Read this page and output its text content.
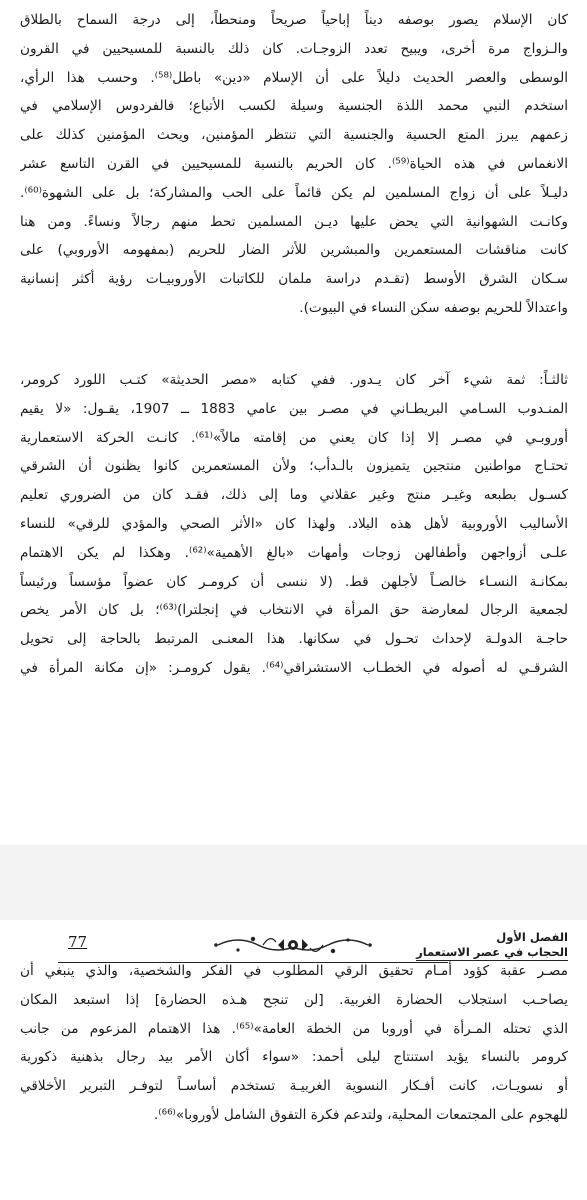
كان الإسلام يصور بوصفه ديناً إباحياً صريحاً ومنحطاً، إلى درجة السماح بالطلاق
والـزواج مرة أخرى، ويبيح تعدد الزوجـات. كان ذلك بالنسبة للمسيحيين في القرون
الوسطى والعصر الحديث دليلاً على أن الإسلام «دين» باطل⁽⁵⁸⁾. وحسب هذا الرأي،
استخدم النبي محمد اللذة الجنسية وسيلة لكسب الأتباع؛ فالفردوس الإسلامي في
زعمهم يبرز المتع الحسية والجنسية التي تنتظر المؤمنين، ويحث المؤمنين كذلك على
الانغماس في هذه الحياة⁽⁵⁹⁾. كان الحريم بالنسبة للمسيحيين في القرن التاسع عشر
دليـلاً على أن زواج المسلمين لم يكن قائماً على الحب والمشاركة؛ بل على الشهوة⁽⁶⁰⁾.
وكانـت الشهوانية التي يحض عليها ديـن المسلمين تحط منهم رجالاً ونساءً. ومن هنا
كانت مناقشات المستعمرين والمبشرين للأثر الضار للحريم (بمفهومه الأوروبي) على
سـكان الشرق الأوسط (تقـدم دراسة ملمان للكاتبات الأوروبيـات رؤية أكثر إنسانية
واعتدالاً للحريم بوصفه سكن النساء في البيوت).
ثالثـاً: ثمة شيء آخر كان يـدور. ففي كتابه «مصر الحديثة» كتـب اللورد كرومر،
المنـدوب السـامي البريطـاني في مصـر بين عامي 1883 ــ 1907، يقـول: «لا يقيم
أوروبـي في مصـر إلا إذا كان يعني من إقامته مالاً»⁽⁶¹⁾. كانـت الحركة الاستعمارية
تحتـاج مواطنين منتجين يتميزون بالـدأب؛ ولأن المستعمرين كانوا يظنون أن الشرقي
كسـول بطبعه وغيـر منتج وغير عقلاني وما إلى ذلك، فقـد كان من الضروري تعليم
الأساليب الأوروبية لأهل هذه البلاد. ولهذا كان «الأثر الصحي والمؤدي للرقي» للنساء
علـى أزواجهن وأطفالهن زوجات وأمهات «بالغ الأهمية»⁽⁶²⁾. وهكذا لم يكن الاهتمام
بمكانـة النسـاء خالصـاً لأجلهن قط. (لا ننسى أن كرومـر كان عضواً مؤسساً ورئيساً
لجمعية الرجال لمعارضة حق المرأة في الانتخاب في إنجلترا)⁽⁶³⁾؛ بل كان الأمر يخص
حاجـة الدولـة لإحداث تحـول في سكانها. هذا المعنـى المرتبط بالحاجة إلى تحويل
الشرقـي له أصوله في الخطـاب الاستشراقي⁽⁶⁴⁾. يقول كرومـر: «إن مكانة المرأة في
77	الفصل الأول
الحجاب في عصر الاستعمار
مصـر عقبة كؤود أمـام تحقيق الرقي المطلوب في الفكر والشخصية، والذي ينبغي أن
يصاحـب استجلاب الحضارة الغربية. [لن تنجح هـذه الحضارة] إذا استبعد المكان
الذي تحتله المـرأة في أوروبا من الخطة العامة»⁽⁶⁵⁾. هذا الاهتمام المزعوم من جانب
كرومر بالنساء يؤيد استنتاج ليلى أحمد: «سواء أكان الأمر بيد رجال بذهنية ذكورية
أو نسويـات، كانت أفـكار النسوية الغربيـة تستخدم أساسـاً لتوفـر التبرير الأخلاقي
للهجوم على المجتمعات المحلية، ولتدعم فكرة التفوق الشامل لأوروبا»⁽⁶⁶⁾.
